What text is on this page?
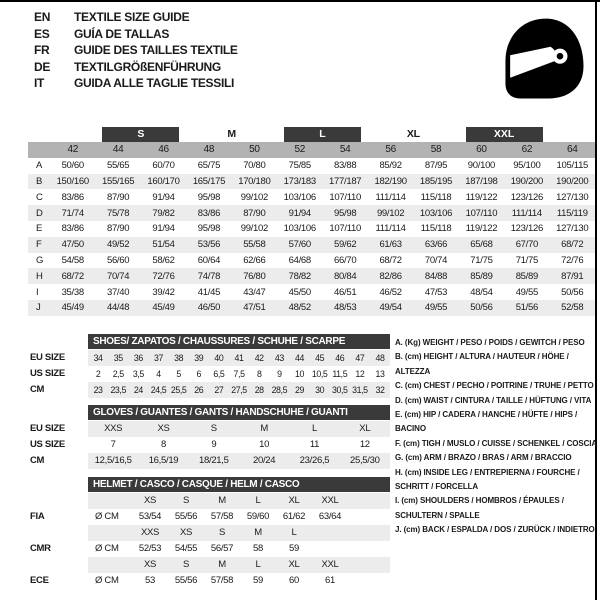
EN	TEXTILE SIZE GUIDE
ES	GUÍA DE TALLAS
FR	GUIDE DES TAILLES TEXTILE
DE	TEXTILGRÖßENFÜHRUNG
IT	GUIDA ALLE TAGLIE TESSILI

		S		M		L		XL		XXL		

	42	44	46	48	50	52	54	56	58	60	62	64
A	50/60	55/65	60/70	65/75	70/80	75/85	83/88	85/92	87/95	90/100	95/100	105/115
B	150/160	155/165	160/170	165/175	170/180	173/183	177/187	182/190	185/195	187/198	190/200	190/200
C	83/86	87/90	91/94	95/98	99/102	103/106	107/110	111/114	115/118	119/122	123/126	127/130
D	71/74	75/78	79/82	83/86	87/90	91/94	95/98	99/102	103/106	107/110	111/114	115/119
E	83/86	87/90	91/94	95/98	99/102	103/106	107/110	111/114	115/118	119/122	123/126	127/130
F	47/50	49/52	51/54	53/56	55/58	57/60	59/62	61/63	63/66	65/68	67/70	68/72
G	54/58	56/60	58/62	60/64	62/66	64/68	66/70	68/72	70/74	71/75	71/75	72/76
H	68/72	70/74	72/76	74/78	76/80	78/82	80/84	82/86	84/88	85/89	85/89	87/91
I	35/38	37/40	39/42	41/45	43/47	45/50	46/51	46/52	47/53	48/54	49/55	50/56
J	45/49	44/48	45/49	46/50	47/51	48/52	48/53	49/54	49/55	50/56	51/56	52/58
SHOES/ ZAPATOS / CHAUSSURES / SCHUHE / SCARPE
EU SIZE	34	35	36	37	38	39	40	41	42	43	44	45	46	47	48
US SIZE	2	2,5	3,5	4	5	6	6,5	7,5	8	9	10 10,5 11,5 12	13
CM	23 23,5 24 24,5 25,5 26	27 27,5 28 28,5 29	30 30,5 31,5 32
GLOVES / GUANTES / GANTS / HANDSCHUHE / GUANTI
EU SIZE	XXS	XS	S	M	L	XL
US SIZE	7	8	9	10	11	12
CM	12,5/16,5	16,5/19	18/21,5	20/24	23/26,5	25,5/30
HELMET / CASCO / CASQUE / HELM / CASCO
XS	S	M	L	XL	XXL
FIA	Ø CM	53/54	55/56	57/58	59/60	61/62	63/64
XXS	XS	S	M	L
CMR	Ø CM	52/53	54/55	56/57	58	59
XS	S	M	L	XL	XXL
ECE	Ø CM	53	55/56	57/58	59	60	61
A. (Kg) WEIGHT / PESO / POIDS / GEWITCH / PESO
B. (cm) HEIGHT / ALTURA / HAUTEUR / HÖHE / ALTEZZA
C. (cm) CHEST / PECHO / POITRINE / TRUHE / PETTO
D. (cm) WAIST / CINTURA / TAILLE / HÜFTUNG / VITA
E. (cm) HIP / CADERA / HANCHE / HÜFTE / HIPS / BACINO
F. (cm) TIGH / MUSLO / CUISSE / SCHENKEL / COSCIA
G. (cm) ARM / BRAZO / BRAS / ARM / BRACCIO
H. (cm) INSIDE LEG / ENTREPIERNA / FOURCHE / SCHRITT / FORCELLA
I. (cm) SHOULDERS / HOMBROS / ÉPAULES / SCHULTERN / SPALLE
J. (cm) BACK / ESPALDA / DOS / ZURÜCK / INDIETRO
